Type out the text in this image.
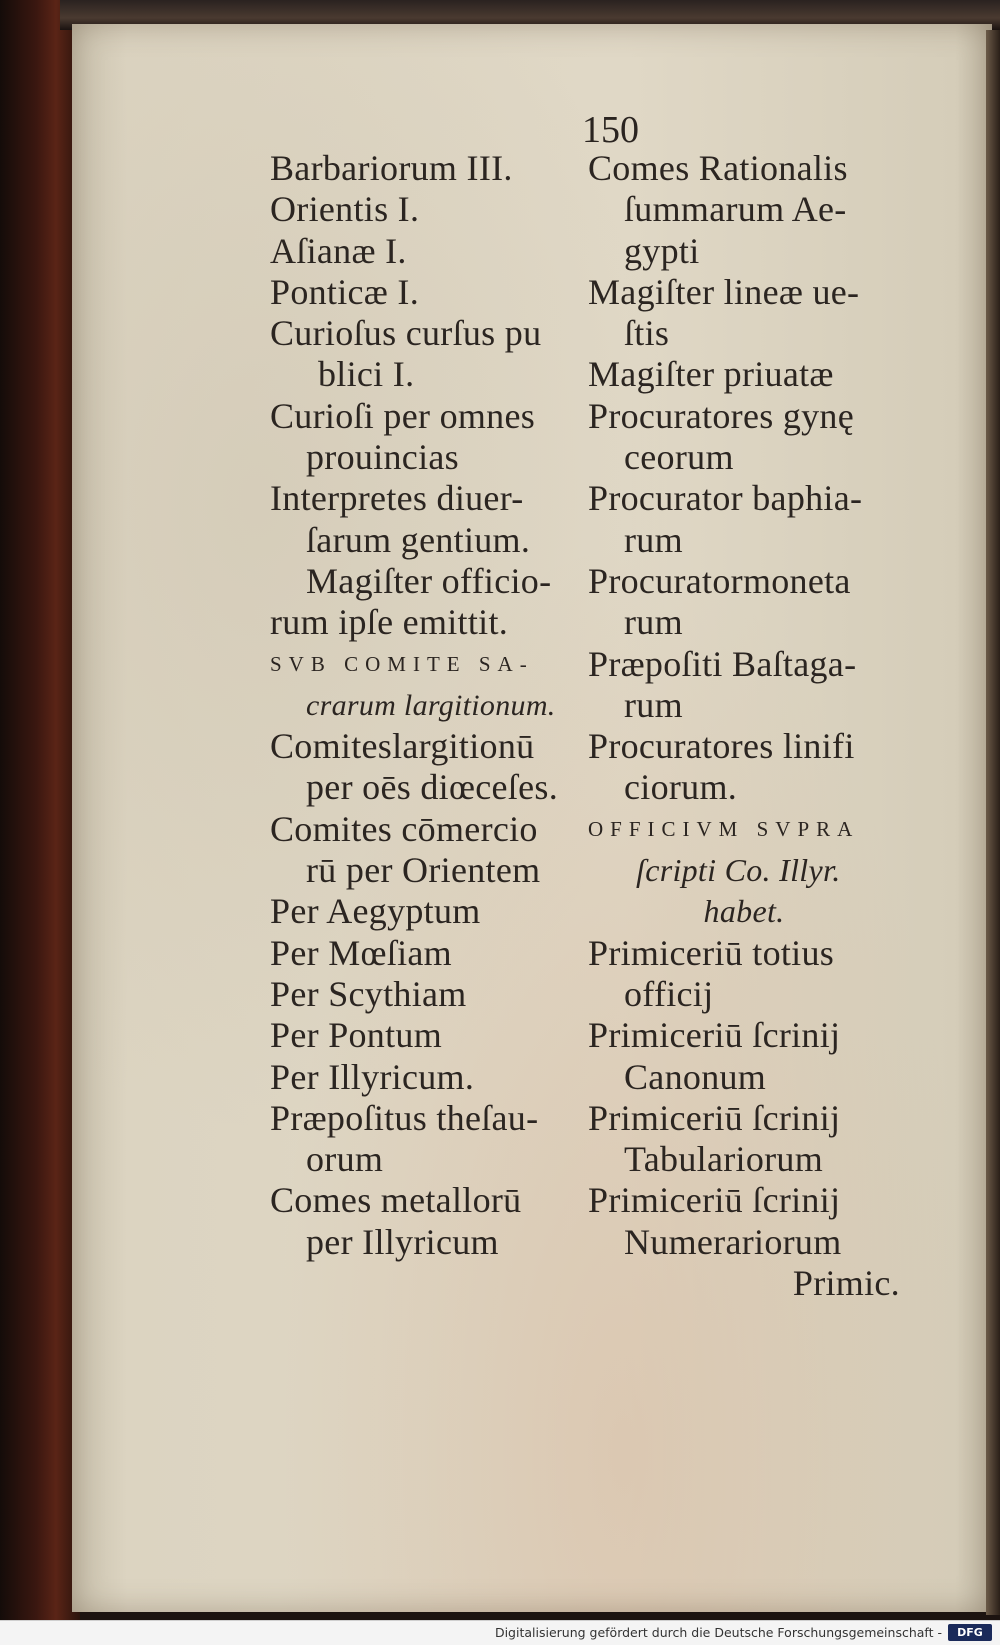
150
Barbariorum III.
Orientis I.
Aſianæ I.
Ponticæ I.
Curioſus curſus pu
blici I.
Curioſi per omnes
prouincias
Interpretes diuer-
ſarum gentium.
Magiſter officio-
rum ipſe emittit.
SVB COMITE SA-
crarum largitionum.
Comiteslargitionū
per oēs diœceſes.
Comites cōmercio
rū per Orientem
Per Aegyptum
Per Mœſiam
Per Scythiam
Per Pontum
Per Illyricum.
Præpoſitus theſau-
orum
Comes metallorū
per Illyricum
Comes Rationalis
ſummarum Ae-
gypti
Magiſter lineæ ue-
ſtis
Magiſter priuatæ
Procuratores gynę
ceorum
Procurator baphia-
rum
Procuratormoneta
rum
Præpoſiti Baſtaga-
rum
Procuratores linifi
ciorum.
OFFICIVM SVPRA
ſcripti Co. Illyr.
habet.
Primiceriū totius
officij
Primiceriū ſcrinij
Canonum
Primiceriū ſcrinij
Tabulariorum
Primiceriū ſcrinij
Numerariorum
Primic.
Digitalisierung gefördert durch die Deutsche Forschungsgemeinschaft -	DFG
